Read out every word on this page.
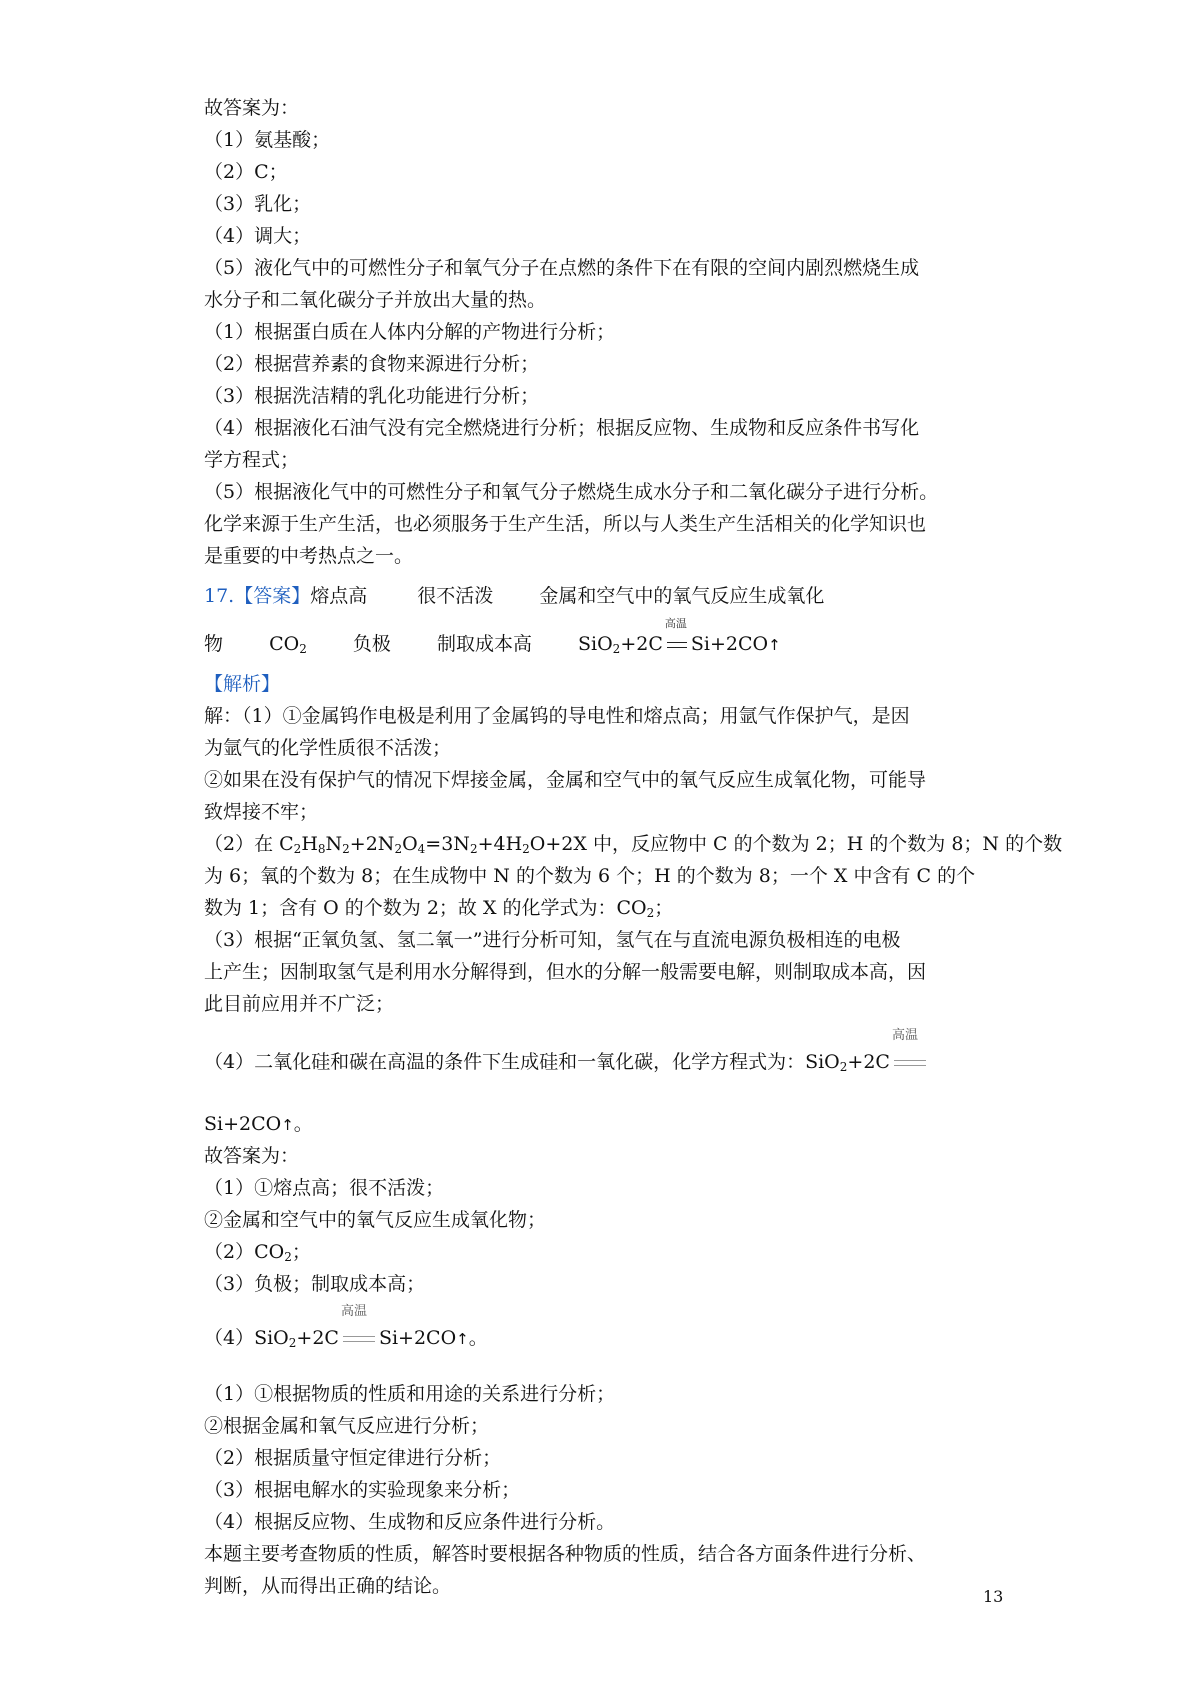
故答案为：
（1）氨基酸；
（2）C；
（3）乳化；
（4）调大；
（5）液化气中的可燃性分子和氧气分子在点燃的条件下在有限的空间内剧烈燃烧生成
水分子和二氧化碳分子并放出大量的热。
（1）根据蛋白质在人体内分解的产物进行分析；
（2）根据营养素的食物来源进行分析；
（3）根据洗洁精的乳化功能进行分析；
（4）根据液化石油气没有完全燃烧进行分析；根据反应物、生成物和反应条件书写化
学方程式；
（5）根据液化气中的可燃性分子和氧气分子燃烧生成水分子和二氧化碳分子进行分析。
化学来源于生产生活，也必须服务于生产生活，所以与人类生产生活相关的化学知识也
是重要的中考热点之一。
17.【答案】熔点高	很不活泼 金属和空气中的氧气反应生成氧化
物 $CO_2$ 负极 制取成本高 SiO$_2$+2C
高温
Si+2CO↑
【解析】
解：（1）①金属钨作电极是利用了金属钨的导电性和熔点高；用氩气作保护气，是因
为氩气的化学性质很不活泼；
②如果在没有保护气的情况下焊接金属，金属和空气中的氧气反应生成氧化物，可能导
致焊接不牢；
（2）在 $C_2H_8N_2+2N_2O_4=3N_2+4H_2O+2X$ 中，反应物中 C 的个数为 2；H 的个数为 8；N 的个数
为 6；氧的个数为 8；在生成物中 N 的个数为 6 个；H 的个数为 8；一个 X 中含有 C 的个
数为 1；含有 O 的个数为 2；故 X 的化学式为：$CO_2$；
（3）根据“正氧负氢、氢二氧一”进行分析可知，氢气在与直流电源负极相连的电极
上产生；因制取氢气是利用水分解得到，但水的分解一般需要电解，则制取成本高，因
此目前应用并不广泛；
（4）二氧化硅和碳在高温的条件下生成硅和一氧化碳，化学方程式为：SiO$_2$+2C
高温
Si+2CO↑。
故答案为：
（1）①熔点高；很不活泼；
②金属和空气中的氧气反应生成氧化物；
$(2)CO_2$；
（3）负极；制取成本高；
（4）SiO$_2$+2C
高温
Si+2CO↑。
（1）①根据物质的性质和用途的关系进行分析；
②根据金属和氧气反应进行分析；
（2）根据质量守恒定律进行分析；
（3）根据电解水的实验现象来分析；
（4）根据反应物、生成物和反应条件进行分析。
本题主要考查物质的性质，解答时要根据各种物质的性质，结合各方面条件进行分析、
判断，从而得出正确的结论。	13
